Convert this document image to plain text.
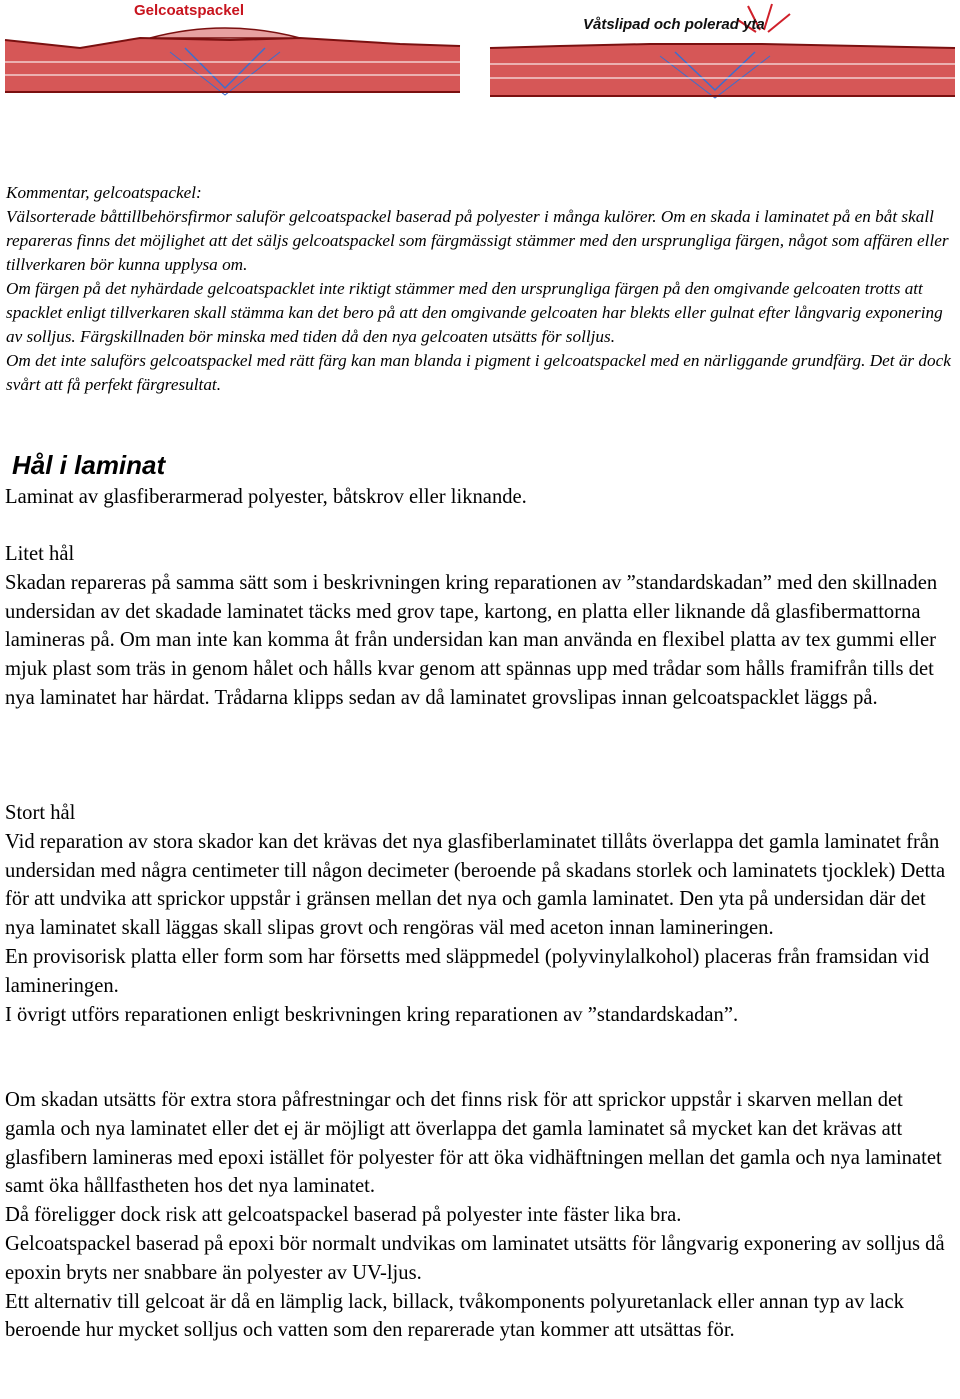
Gelcoatspackel
Våtslipad och polerad yta

Kommentar, gelcoatspackel:

Välsorterade båttillbehörsfirmor saluför gelcoatspackel baserad på polyester i många kulörer. Om en skada i laminatet på en båt skall repareras finns det möjlighet att det säljs gelcoatspackel som färgmässigt stämmer med den ursprungliga färgen, något som affären eller tillverkaren bör kunna upplysa om.

Om färgen på det nyhärdade gelcoatspacklet inte riktigt stämmer med den ursprungliga färgen på den omgivande gelcoaten trotts att spacklet enligt tillverkaren skall stämma kan det bero på att den omgivande gelcoaten har blekts eller gulnat efter långvarig exponering av solljus. Färgskillnaden bör minska med tiden då den nya gelcoaten utsätts för solljus.

Om det inte saluförs gelcoatspackel med rätt färg kan man blanda i pigment i gelcoatspackel med en närliggande grundfärg. Det är dock svårt att få perfekt färgresultat.

Hål i laminat

Laminat av glasfiberarmerad polyester, båtskrov eller liknande.

Litet hål

Skadan repareras på samma sätt som i beskrivningen kring reparationen av ”standardskadan” med den skillnaden undersidan av det skadade laminatet täcks med grov tape, kartong, en platta eller liknande då glasfibermattorna lamineras på. Om man inte kan komma åt från undersidan kan man använda en flexibel platta av tex gummi eller mjuk plast som träs in genom hålet och hålls kvar genom att spännas upp med trådar som hålls framifrån tills det nya laminatet har härdat. Trådarna klipps sedan av då laminatet grovslipas innan gelcoatspacklet läggs på.

Stort hål

Vid reparation av stora skador kan det krävas det nya glasfiberlaminatet tillåts överlappa det gamla laminatet från undersidan med några centimeter till någon decimeter (beroende på skadans storlek och laminatets tjocklek) Detta för att undvika att sprickor uppstår i gränsen mellan det nya och gamla laminatet. Den yta på undersidan där det nya laminatet skall läggas skall slipas grovt och rengöras väl med aceton innan lamineringen.

En provisorisk platta eller form som har försetts med släppmedel (polyvinylalkohol) placeras från framsidan vid lamineringen.

I övrigt utförs reparationen enligt beskrivningen kring reparationen av ”standardskadan”.

Om skadan utsätts för extra stora påfrestningar och det finns risk för att sprickor uppstår i skarven mellan det gamla och nya laminatet eller det ej är möjligt att överlappa det gamla laminatet så mycket kan det krävas att glasfibern lamineras med epoxi istället för polyester för att öka vidhäftningen mellan det gamla och nya laminatet samt öka hållfastheten hos det nya laminatet.

Då föreligger dock risk att gelcoatspackel baserad på polyester inte fäster lika bra.

Gelcoatspackel baserad på epoxi bör normalt undvikas om laminatet utsätts för långvarig exponering av solljus då epoxin bryts ner snabbare än polyester av UV-ljus.

Ett alternativ till gelcoat är då en lämplig lack, billack, tvåkomponents polyuretanlack eller annan typ av lack beroende hur mycket solljus och vatten som den reparerade ytan kommer att utsättas för.
